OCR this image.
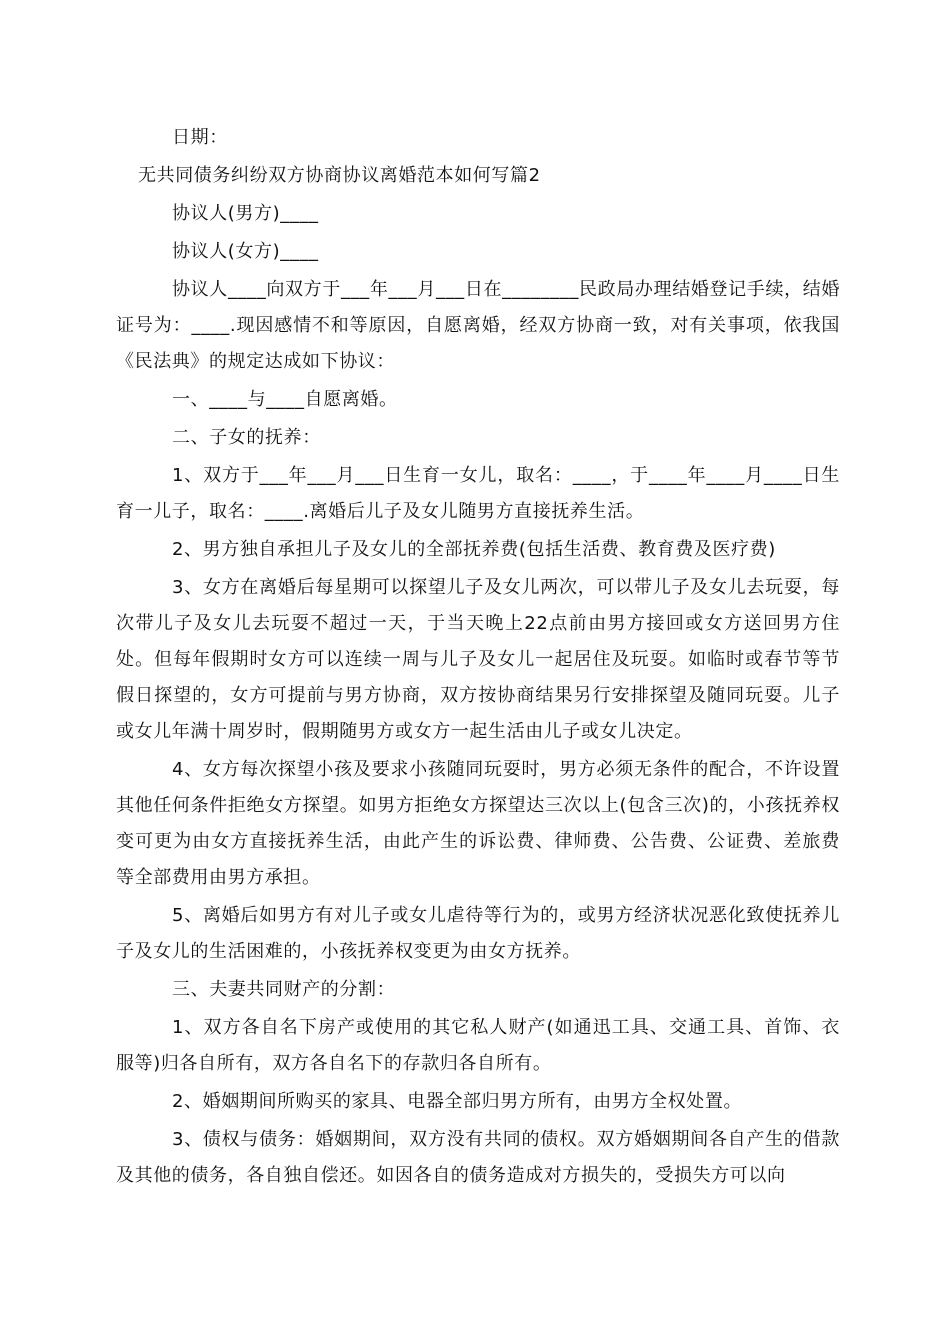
日期：

无共同债务纠纷双方协商协议离婚范本如何写篇2

协议人(男方)____

协议人(女方)____

协议人____向双方于___年___月___日在________民政局办理结婚登记手续，结婚证号为：____.现因感情不和等原因，自愿离婚，经双方协商一致，对有关事项，依我国《民法典》的规定达成如下协议：

一、____与____自愿离婚。

二、子女的抚养：

1、双方于___年___月___日生育一女儿，取名：____，于____年____月____日生育一儿子，取名：____.离婚后儿子及女儿随男方直接抚养生活。

2、男方独自承担儿子及女儿的全部抚养费(包括生活费、教育费及医疗费)

3、女方在离婚后每星期可以探望儿子及女儿两次，可以带儿子及女儿去玩耍，每次带儿子及女儿去玩耍不超过一天，于当天晚上22点前由男方接回或女方送回男方住处。但每年假期时女方可以连续一周与儿子及女儿一起居住及玩耍。如临时或春节等节假日探望的，女方可提前与男方协商，双方按协商结果另行安排探望及随同玩耍。儿子或女儿年满十周岁时，假期随男方或女方一起生活由儿子或女儿决定。

4、女方每次探望小孩及要求小孩随同玩耍时，男方必须无条件的配合，不许设置其他任何条件拒绝女方探望。如男方拒绝女方探望达三次以上(包含三次)的，小孩抚养权变可更为由女方直接抚养生活，由此产生的诉讼费、律师费、公告费、公证费、差旅费等全部费用由男方承担。

5、离婚后如男方有对儿子或女儿虐待等行为的，或男方经济状况恶化致使抚养儿子及女儿的生活困难的，小孩抚养权变更为由女方抚养。

三、夫妻共同财产的分割：

1、双方各自名下房产或使用的其它私人财产(如通迅工具、交通工具、首饰、衣服等)归各自所有，双方各自名下的存款归各自所有。

2、婚姻期间所购买的家具、电器全部归男方所有，由男方全权处置。

3、债权与债务：婚姻期间，双方没有共同的债权。双方婚姻期间各自产生的借款及其他的债务，各自独自偿还。如因各自的债务造成对方损失的，受损失方可以向
